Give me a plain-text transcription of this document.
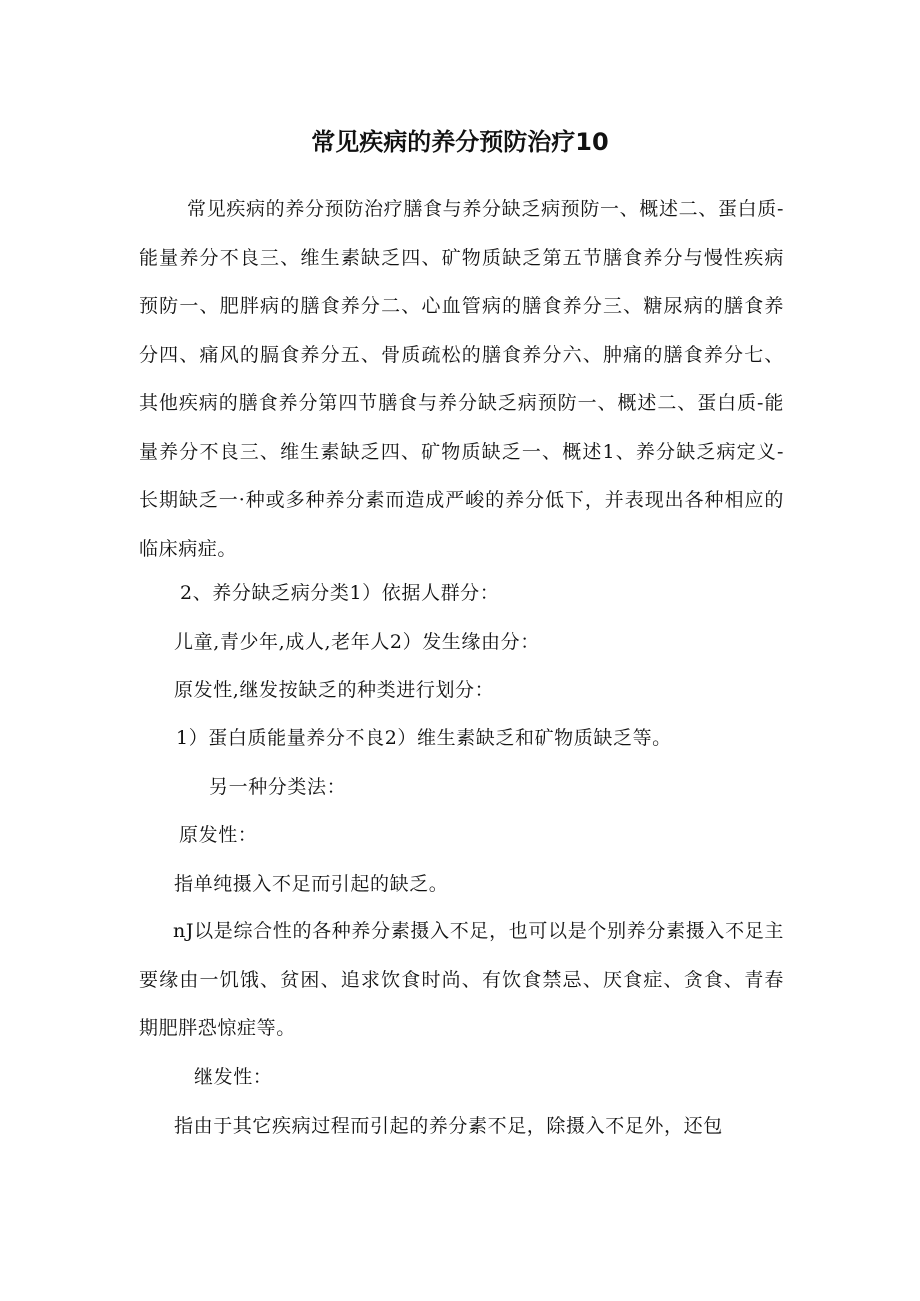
常见疾病的养分预防治疗10

常见疾病的养分预防治疗膳食与养分缺乏病预防一、概述二、蛋白质-能量养分不良三、维生素缺乏四、矿物质缺乏第五节膳食养分与慢性疾病预防一、肥胖病的膳食养分二、心血管病的膳食养分三、糖尿病的膳食养分四、痛风的膈食养分五、骨质疏松的膳食养分六、肿痛的膳食养分七、其他疾病的膳食养分第四节膳食与养分缺乏病预防一、概述二、蛋白质-能量养分不良三、维生素缺乏四、矿物质缺乏一、概述1、养分缺乏病定义-长期缺乏一·种或多种养分素而造成严峻的养分低下，并表现出各种相应的临床病症。

2、养分缺乏病分类1）依据人群分：

儿童,青少年,成人,老年人2）发生缘由分：

原发性,继发按缺乏的种类进行划分：

1）蛋白质能量养分不良2）维生素缺乏和矿物质缺乏等。

另一种分类法：

原发性：

指单纯摄入不足而引起的缺乏。

nJ以是综合性的各种养分素摄入不足，也可以是个别养分素摄入不足主要缘由一饥饿、贫困、追求饮食时尚、有饮食禁忌、厌食症、贪食、青春期肥胖恐惊症等。

继发性：

指由于其它疾病过程而引起的养分素不足，除摄入不足外，还包
